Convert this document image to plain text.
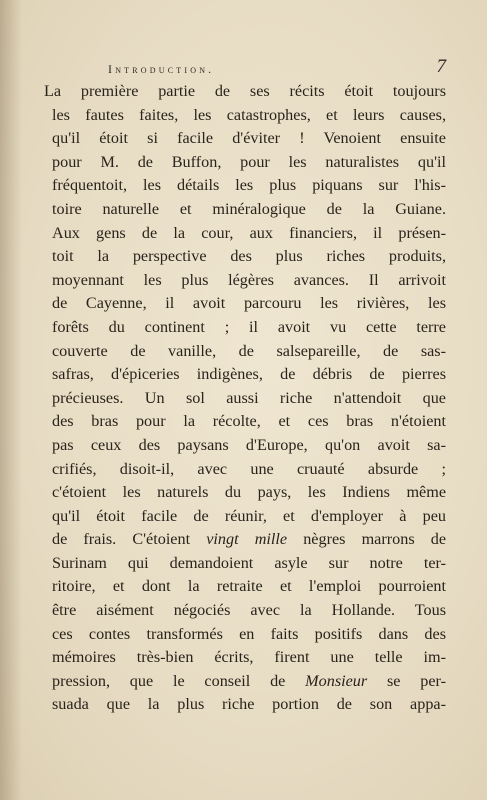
Introduction.	7
La première partie de ses récits étoit toujours
les fautes faites, les catastrophes, et leurs causes,
qu'il étoit si facile d'éviter ! Venoient ensuite
pour M. de Buffon, pour les naturalistes qu'il
fréquentoit, les détails les plus piquans sur l'his-
toire naturelle et minéralogique de la Guiane.
Aux gens de la cour, aux financiers, il présen-
toit la perspective des plus riches produits,
moyennant les plus légères avances. Il arrivoit
de Cayenne, il avoit parcouru les rivières, les
forêts du continent ; il avoit vu cette terre
couverte de vanille, de salsepareille, de sas-
safras, d'épiceries indigènes, de débris de pierres
précieuses. Un sol aussi riche n'attendoit que
des bras pour la récolte, et ces bras n'étoient
pas ceux des paysans d'Europe, qu'on avoit sa-
crifiés, disoit-il, avec une cruauté absurde ;
c'étoient les naturels du pays, les Indiens même
qu'il étoit facile de réunir, et d'employer à peu
de frais. C'étoient vingt mille nègres marrons de
Surinam qui demandoient asyle sur notre ter-
ritoire, et dont la retraite et l'emploi pourroient
être aisément négociés avec la Hollande. Tous
ces contes transformés en faits positifs dans des
mémoires très-bien écrits, firent une telle im-
pression, que le conseil de Monsieur se per-
suada que la plus riche portion de son appa-
